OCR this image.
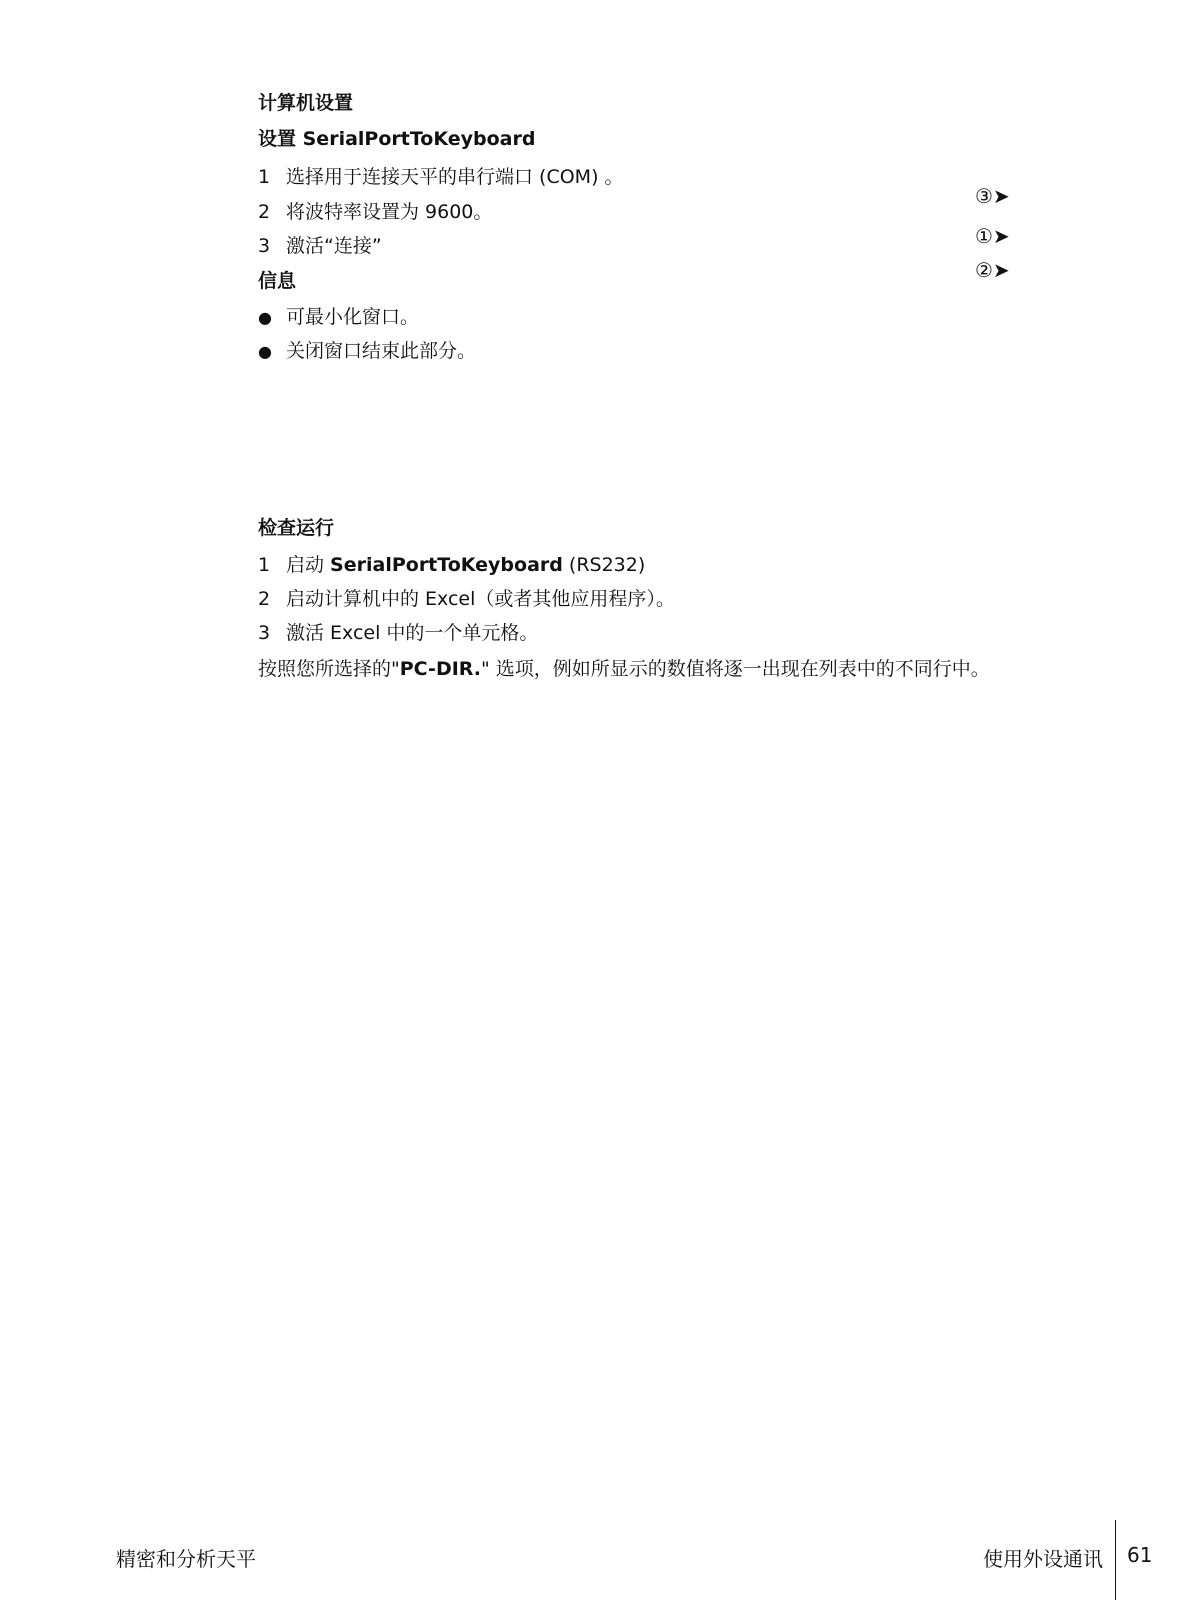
计算机设置
设置 SerialPortToKeyboard
1 选择用于连接天平的串行端口 (COM) 。
2 将波特率设置为 9600。
3 激活“连接”
信息
● 可最小化窗口。
● 关闭窗口结束此部分。
③➤
①➤
②➤
检查运行
1 启动 SerialPortToKeyboard (RS232)
2 启动计算机中的 Excel（或者其他应用程序）。
3 激活 Excel 中的一个单元格。
按照您所选择的"PC-DIR." 选项，例如所显示的数值将逐一出现在列表中的不同行中。
精密和分析天平	使用外设通讯 61
